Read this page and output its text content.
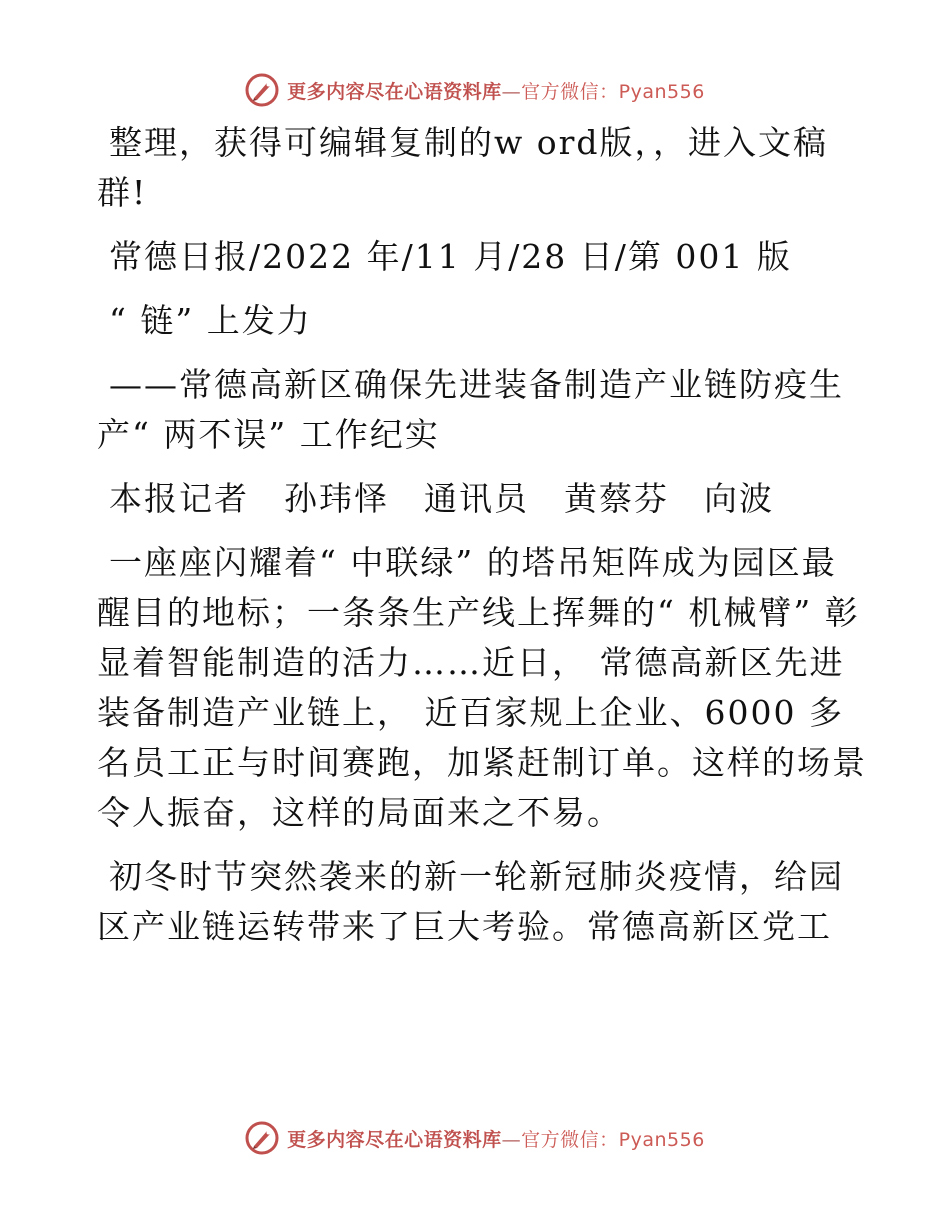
更多内容尽在心语资料库—官方微信：Pyan556

整理，获得可编辑复制的w ord版，，进入文稿群!

常德日报/2022 年/11 月/28 日/第 001 版

“ 链” 上发力

——常德高新区确保先进装备制造产业链防疫生产“ 两不误” 工作纪实

本报记者　孙玮怿　通讯员　黄蔡芬　向波

一座座闪耀着“ 中联绿” 的塔吊矩阵成为园区最醒目的地标；一条条生产线上挥舞的“ 机械臂” 彰显着智能制造的活力……近日， 常德高新区先进装备制造产业链上， 近百家规上企业、6000 多名员工正与时间赛跑，加紧赶制订单。这样的场景令人振奋，这样的局面来之不易。

初冬时节突然袭来的新一轮新冠肺炎疫情，给园区产业链运转带来了巨大考验。常德高新区党工

更多内容尽在心语资料库—官方微信：Pyan556
